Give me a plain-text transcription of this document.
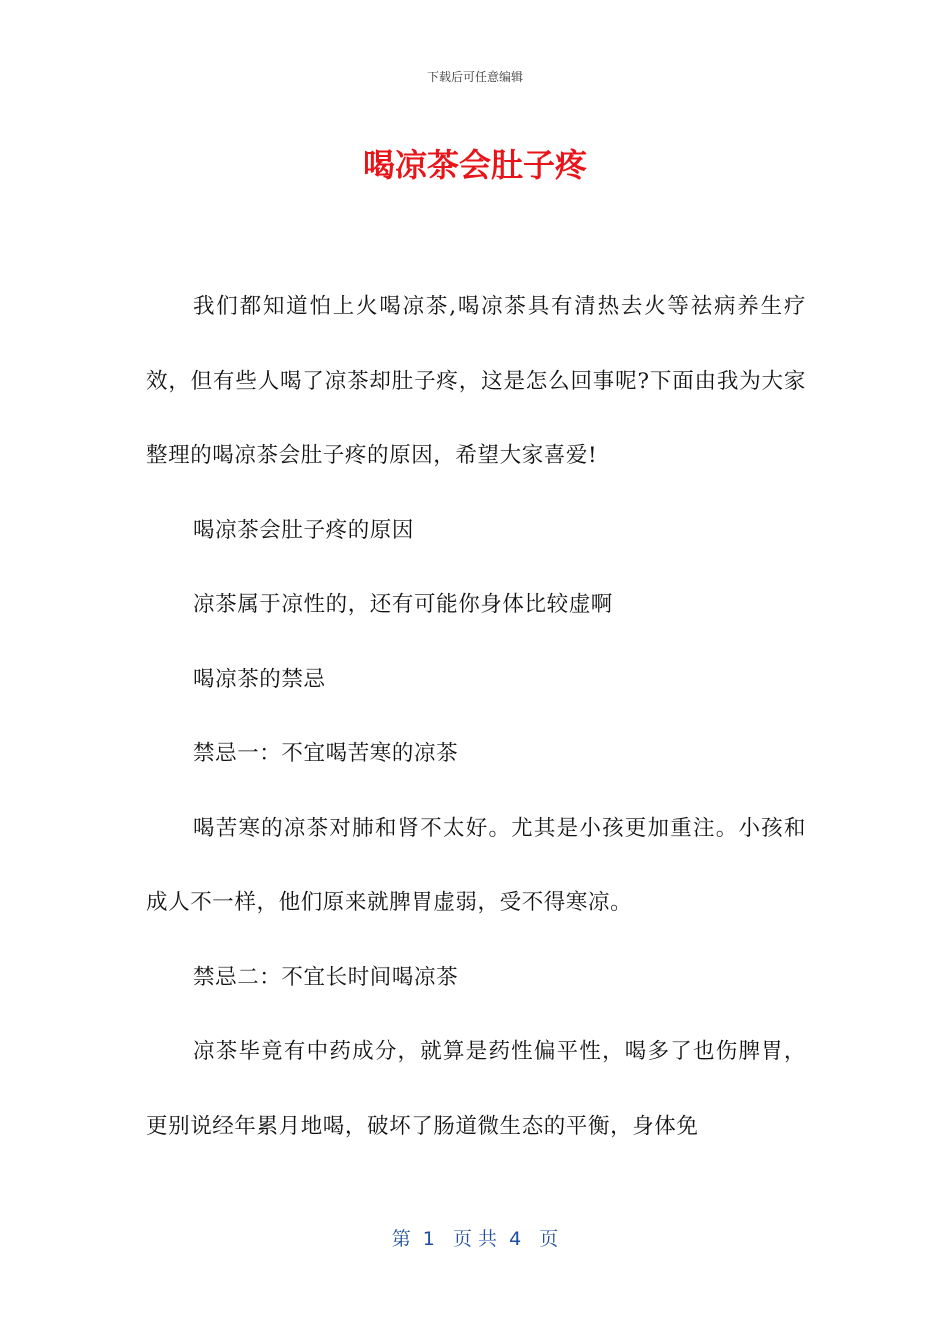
下载后可任意编辑
喝凉茶会肚子疼

我们都知道怕上火喝凉茶,喝凉茶具有清热去火等祛病养生疗效，但有些人喝了凉茶却肚子疼，这是怎么回事呢?下面由我为大家整理的喝凉茶会肚子疼的原因，希望大家喜爱!

喝凉茶会肚子疼的原因

凉茶属于凉性的，还有可能你身体比较虚啊

喝凉茶的禁忌

禁忌一：不宜喝苦寒的凉茶

喝苦寒的凉茶对肺和肾不太好。尤其是小孩更加重注。小孩和成人不一样，他们原来就脾胃虚弱，受不得寒凉。

禁忌二：不宜长时间喝凉茶

凉茶毕竟有中药成分，就算是药性偏平性，喝多了也伤脾胃，更别说经年累月地喝，破坏了肠道微生态的平衡，身体免

第  1   页 共  4   页
